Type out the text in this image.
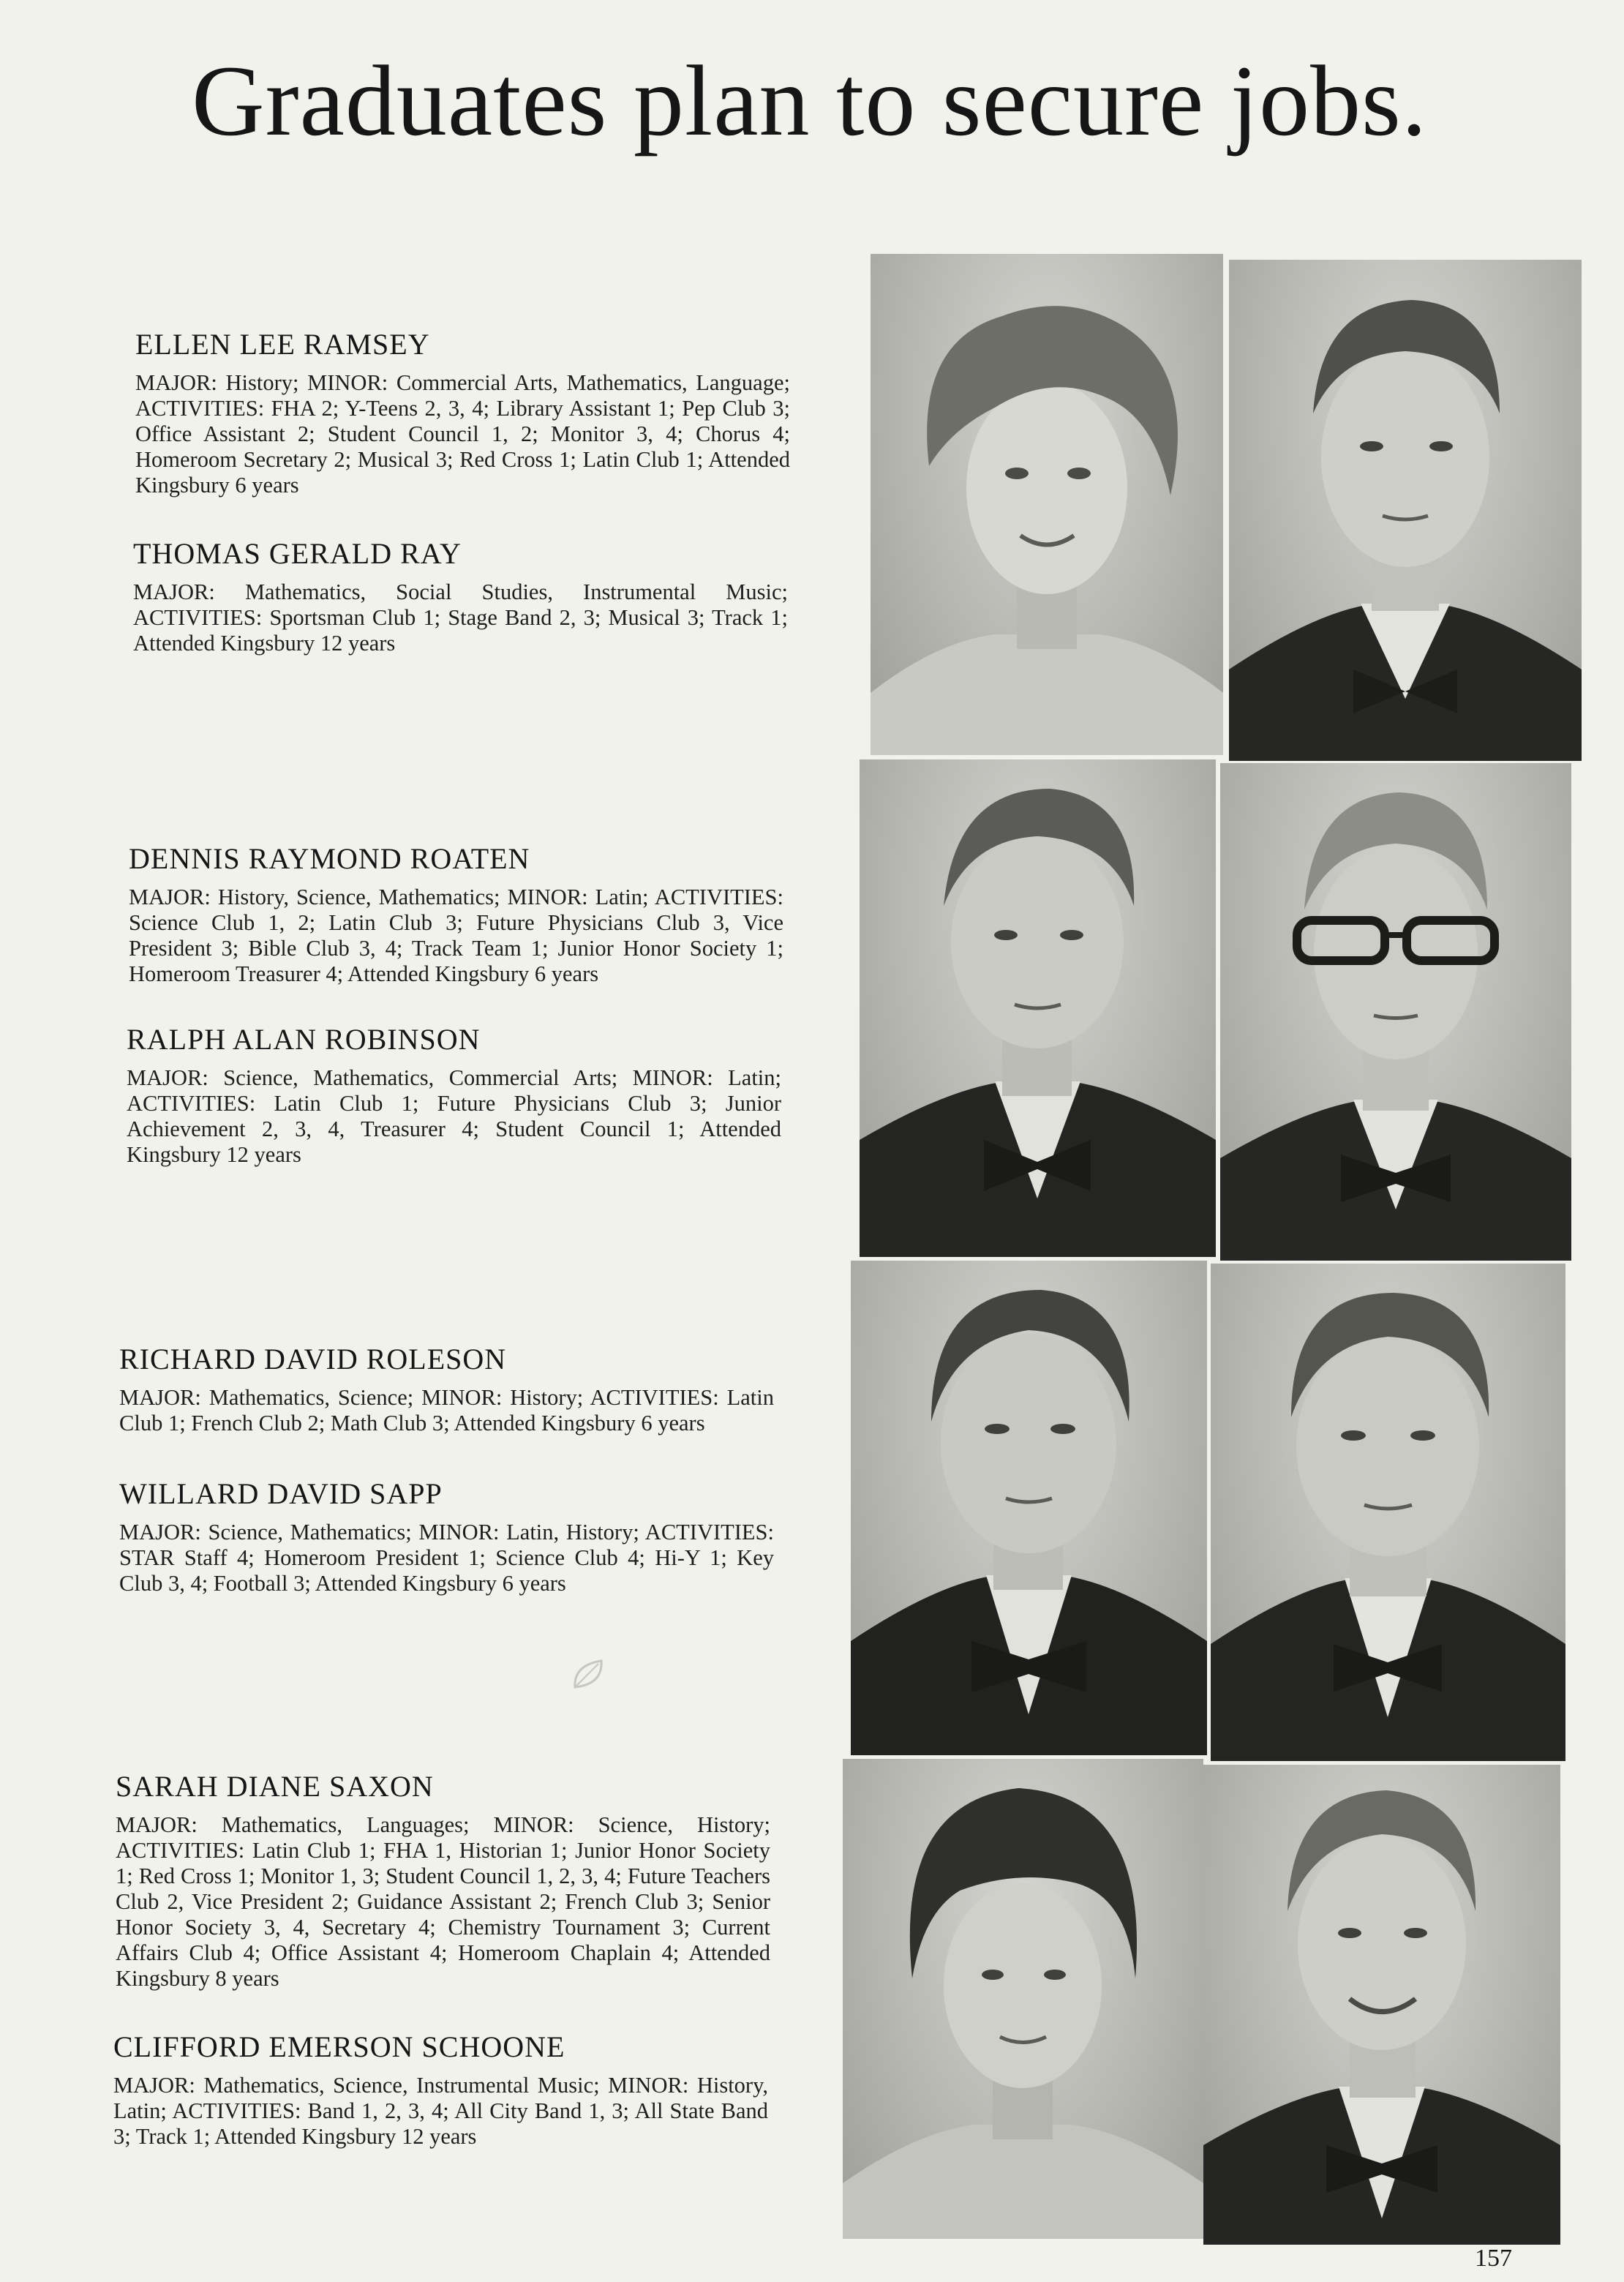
Graduates plan to secure jobs.
ELLEN LEE RAMSEY
MAJOR: History; MINOR: Commercial Arts, Mathematics, Language; ACTIVITIES: FHA 2; Y-Teens 2, 3, 4; Library Assistant 1; Pep Club 3; Office Assistant 2; Student Council 1, 2; Monitor 3, 4; Chorus 4; Homeroom Secretary 2; Musical 3; Red Cross 1; Latin Club 1; Attended Kingsbury 6 years
THOMAS GERALD RAY
MAJOR: Mathematics, Social Studies, Instrumental Music; ACTIVITIES: Sportsman Club 1; Stage Band 2, 3; Musical 3; Track 1; Attended Kingsbury 12 years
DENNIS RAYMOND ROATEN
MAJOR: History, Science, Mathematics; MINOR: Latin; ACTIVITIES: Science Club 1, 2; Latin Club 3; Future Physicians Club 3, Vice President 3; Bible Club 3, 4; Track Team 1; Junior Honor Society 1; Homeroom Treasurer 4; Attended Kingsbury 6 years
RALPH ALAN ROBINSON
MAJOR: Science, Mathematics, Commercial Arts; MINOR: Latin; ACTIVITIES: Latin Club 1; Future Physicians Club 3; Junior Achievement 2, 3, 4, Treasurer 4; Student Council 1; Attended Kingsbury 12 years
RICHARD DAVID ROLESON
MAJOR: Mathematics, Science; MINOR: History; ACTIVITIES: Latin Club 1; French Club 2; Math Club 3; Attended Kingsbury 6 years
WILLARD DAVID SAPP
MAJOR: Science, Mathematics; MINOR: Latin, History; ACTIVITIES: STAR Staff 4; Homeroom President 1; Science Club 4; Hi-Y 1; Key Club 3, 4; Football 3; Attended Kingsbury 6 years
SARAH DIANE SAXON
MAJOR: Mathematics, Languages; MINOR: Science, History; ACTIVITIES: Latin Club 1; FHA 1, Historian 1; Junior Honor Society 1; Red Cross 1; Monitor 1, 3; Student Council 1, 2, 3, 4; Future Teachers Club 2, Vice President 2; Guidance Assistant 2; French Club 3; Senior Honor Society 3, 4, Secretary 4; Chemistry Tournament 3; Current Affairs Club 4; Office Assistant 4; Homeroom Chaplain 4; Attended Kingsbury 8 years
CLIFFORD EMERSON SCHOONE
MAJOR: Mathematics, Science, Instrumental Music; MINOR: History, Latin; ACTIVITIES: Band 1, 2, 3, 4; All City Band 1, 3; All State Band 3; Track 1; Attended Kingsbury 12 years
157
